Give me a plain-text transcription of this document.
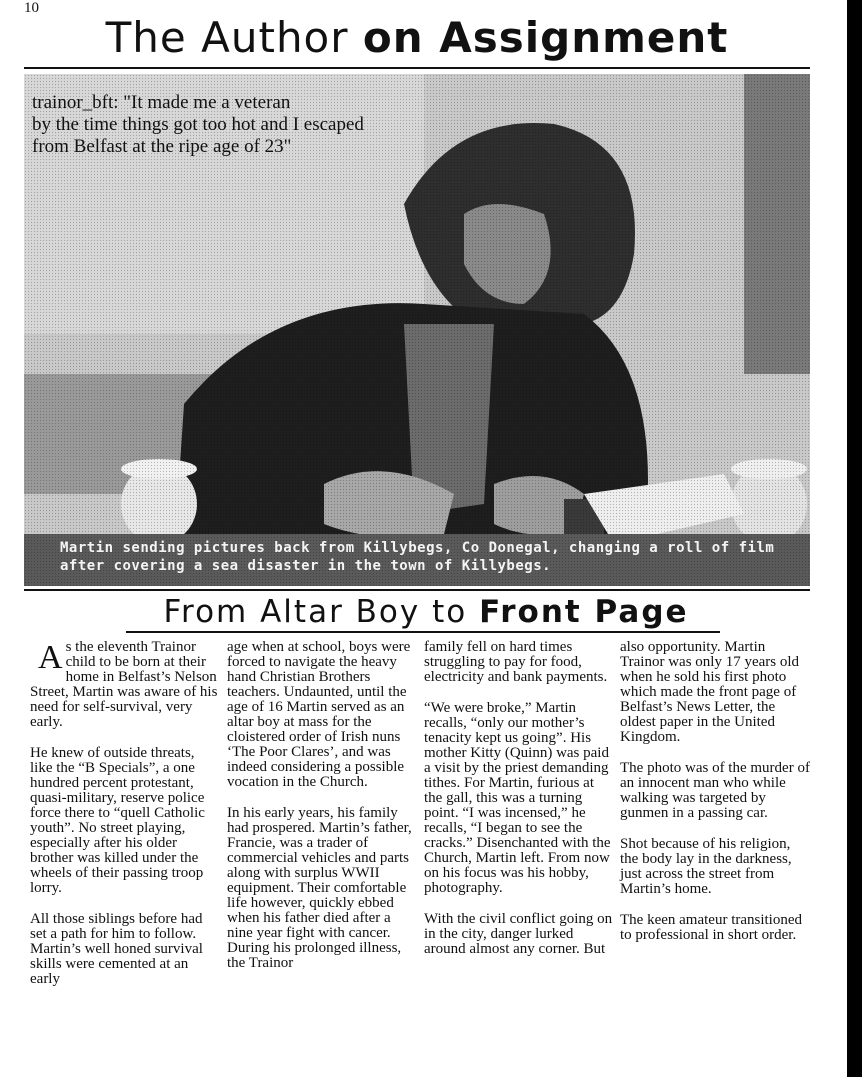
10
The Author on Assignment
trainor_bft: "It made me a veteran
by the time things got too hot and I escaped
from Belfast at the ripe age of 23"
Martin sending pictures back from Killybegs, Co Donegal, changing a roll of film after covering a sea disaster in the town of Killybegs.
From Altar Boy to Front Page

As the eleventh Trainor child to be born at their home in Belfast’s Nelson Street, Martin was aware of his need for self-survival, very early.

He knew of outside threats, like the “B Specials”, a one hundred percent protestant, quasi-military, reserve police force there to “quell Catholic youth”. No street playing, especially after his older brother was killed under the wheels of their passing troop lorry.

All those siblings before had set a path for him to follow. Martin’s well honed survival skills were cemented at an early

age when at school, boys were forced to navigate the heavy hand Christian Brothers teachers. Undaunted, until the age of 16 Martin served as an altar boy at mass for the cloistered order of Irish nuns ‘The Poor Clares’, and was indeed considering a possible vocation in the Church.

In his early years, his family had prospered. Martin’s father, Francie, was a trader of commercial vehicles and parts along with surplus WWII equipment. Their comfortable life however, quickly ebbed when his father died after a nine year fight with cancer. During his prolonged illness, the Trainor

family fell on hard times struggling to pay for food, electricity and bank payments.

“We were broke,” Martin recalls, “only our mother’s tenacity kept us going”. His mother Kitty (Quinn) was paid a visit by the priest demanding tithes. For Martin, furious at the gall, this was a turning point. “I was incensed,” he recalls, “I began to see the cracks.” Disenchanted with the Church, Martin left. From now on his focus was his hobby, photography.

With the civil conflict going on in the city, danger lurked around almost any corner. But

also opportunity. Martin Trainor was only 17 years old when he sold his first photo which made the front page of Belfast’s News Letter, the oldest paper in the United Kingdom.

The photo was of the murder of an innocent man who while walking was targeted by gunmen in a passing car.

Shot because of his religion, the body lay in the darkness, just across the street from Martin’s home.

The keen amateur transitioned to professional in short order.
